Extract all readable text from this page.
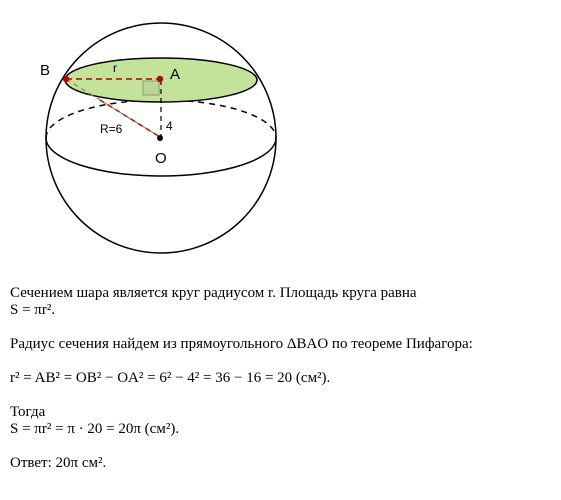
B	A
O
r
R=6	4

Сечением шара является круг радиусом r. Площадь круга равна

S = πr².

Радиус сечения найдем из прямоугольного ΔBAO по теореме Пифагора:

r² = AB² = OB² − OA² = 6² − 4² = 36 − 16 = 20 (см²).

Тогда

S = πr² = π · 20 = 20π (см²).

Ответ: 20π см².
